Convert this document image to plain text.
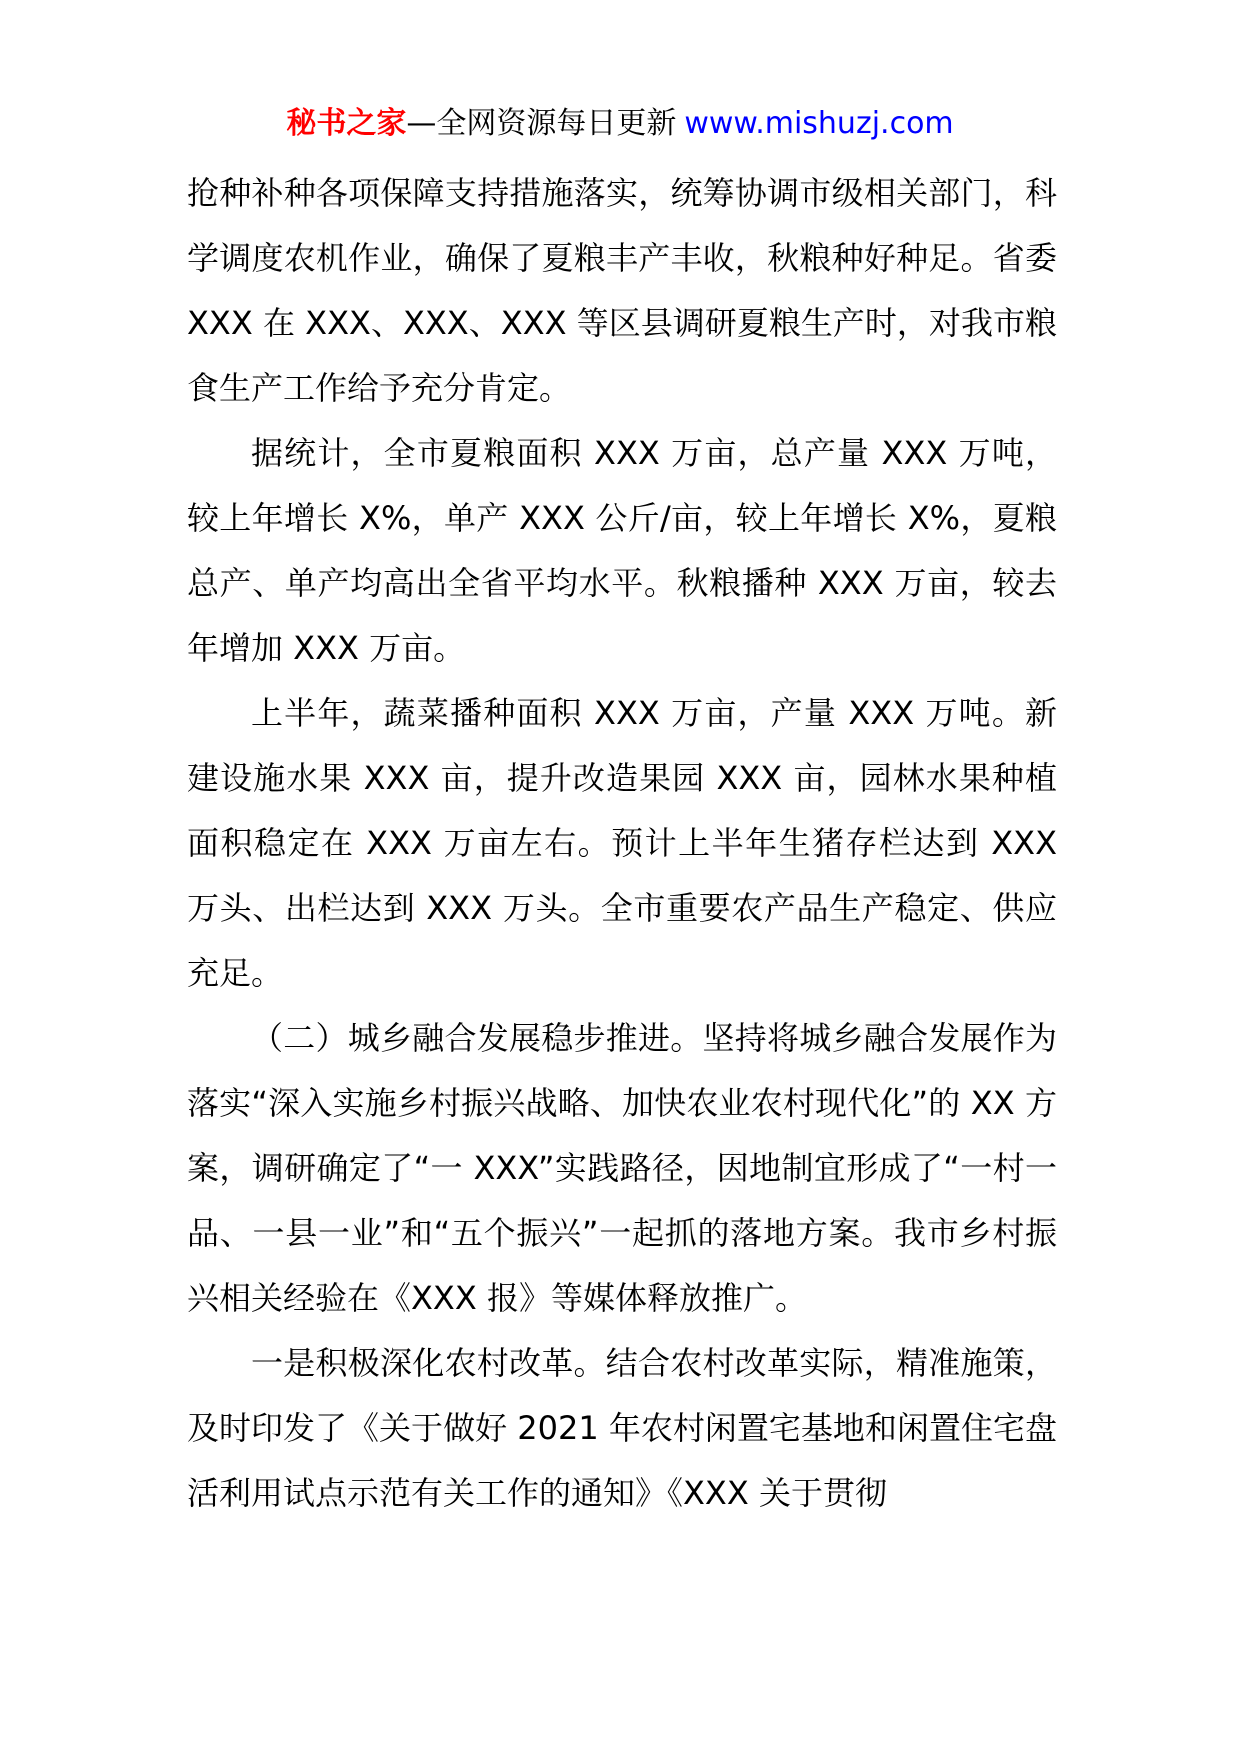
秘书之家—全网资源每日更新 www.mishuzj.com

抢种补种各项保障支持措施落实，统筹协调市级相关部门，科学调度农机作业，确保了夏粮丰产丰收，秋粮种好种足。省委 XXX 在 XXX、XXX、XXX 等区县调研夏粮生产时，对我市粮食生产工作给予充分肯定。

据统计，全市夏粮面积 XXX 万亩，总产量 XXX 万吨，较上年增长 X%，单产 XXX 公斤/亩，较上年增长 X%，夏粮总产、单产均高出全省平均水平。秋粮播种 XXX 万亩，较去年增加 XXX 万亩。

上半年，蔬菜播种面积 XXX 万亩，产量 XXX 万吨。新建设施水果 XXX 亩，提升改造果园 XXX 亩，园林水果种植面积稳定在 XXX 万亩左右。预计上半年生猪存栏达到 XXX 万头、出栏达到 XXX 万头。全市重要农产品生产稳定、供应充足。

（二）城乡融合发展稳步推进。坚持将城乡融合发展作为落实“深入实施乡村振兴战略、加快农业农村现代化”的 XX 方案，调研确定了“一 XXX”实践路径，因地制宜形成了“一村一品、一县一业”和“五个振兴”一起抓的落地方案。我市乡村振兴相关经验在《XXX 报》等媒体释放推广。

一是积极深化农村改革。结合农村改革实际，精准施策，及时印发了《关于做好 2021 年农村闲置宅基地和闲置住宅盘活利用试点示范有关工作的通知》《XXX 关于贯彻
